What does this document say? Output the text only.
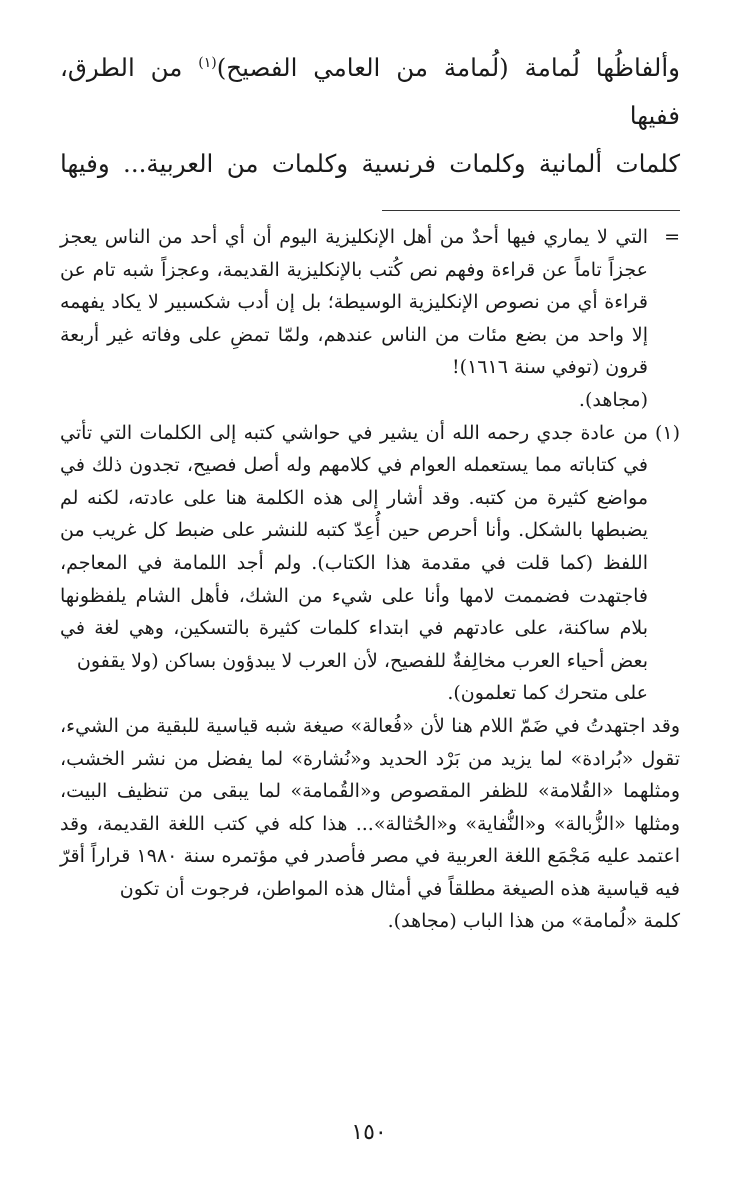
وألفاظُها لُمامة (لُمامة من العامي الفصيح)$^{(١)}$ من الطرق، ففيها

كلمات ألمانية وكلمات فرنسية وكلمات من العربية... وفيها

=

التي لا يماري فيها أحدٌ من أهل الإنكليزية اليوم أن أي أحد من الناس يعجز عجزاً تاماً عن قراءة وفهم نص كُتب بالإنكليزية القديمة، وعجزاً شبه تام عن قراءة أي من نصوص الإنكليزية الوسيطة؛ بل إن أدب شكسبير لا يكاد يفهمه إلا واحد من بضع مئات من الناس عندهم، ولمّا تمضِ على وفاته غير أربعة قرون (توفي سنة ١٦١٦)!

(مجاهد).

(١)

من عادة جدي رحمه الله أن يشير في حواشي كتبه إلى الكلمات التي تأتي في كتاباته مما يستعمله العوام في كلامهم وله أصل فصيح، تجدون ذلك في مواضع كثيرة من كتبه. وقد أشار إلى هذه الكلمة هنا على عادته، لكنه لم يضبطها بالشكل. وأنا أحرص حين أُعِدّ كتبه للنشر على ضبط كل غريب من اللفظ (كما قلت في مقدمة هذا الكتاب). ولم أجد اللمامة في المعاجم، فاجتهدت فضممت لامها وأنا على شيء من الشك، فأهل الشام يلفظونها بلام ساكنة، على عادتهم في ابتداء كلمات كثيرة بالتسكين، وهي لغة في بعض أحياء العرب مخالِفةٌ للفصيح، لأن العرب لا يبدؤون بساكن (ولا يقفون

على متحرك كما تعلمون).

وقد اجتهدتُ في ضَمّ اللام هنا لأن «فُعالة» صيغة شبه قياسية للبقية من الشيء، تقول «بُرادة» لما يزيد من بَرْد الحديد و«نُشارة» لما يفضل من نشر الخشب، ومثلهما «القُلامة» للظفر المقصوص و«القُمامة» لما يبقى من تنظيف البيت، ومثلها «الزُّبالة» و«النُّفاية» و«الحُثالة»... هذا كله في كتب اللغة القديمة، وقد اعتمد عليه مَجْمَع اللغة العربية في مصر فأصدر في مؤتمره سنة ١٩٨٠ قراراً أقرّ فيه قياسية هذه الصيغة مطلقاً في أمثال هذه المواطن، فرجوت أن تكون

كلمة «لُمامة» من هذا الباب (مجاهد).

١٥٠
